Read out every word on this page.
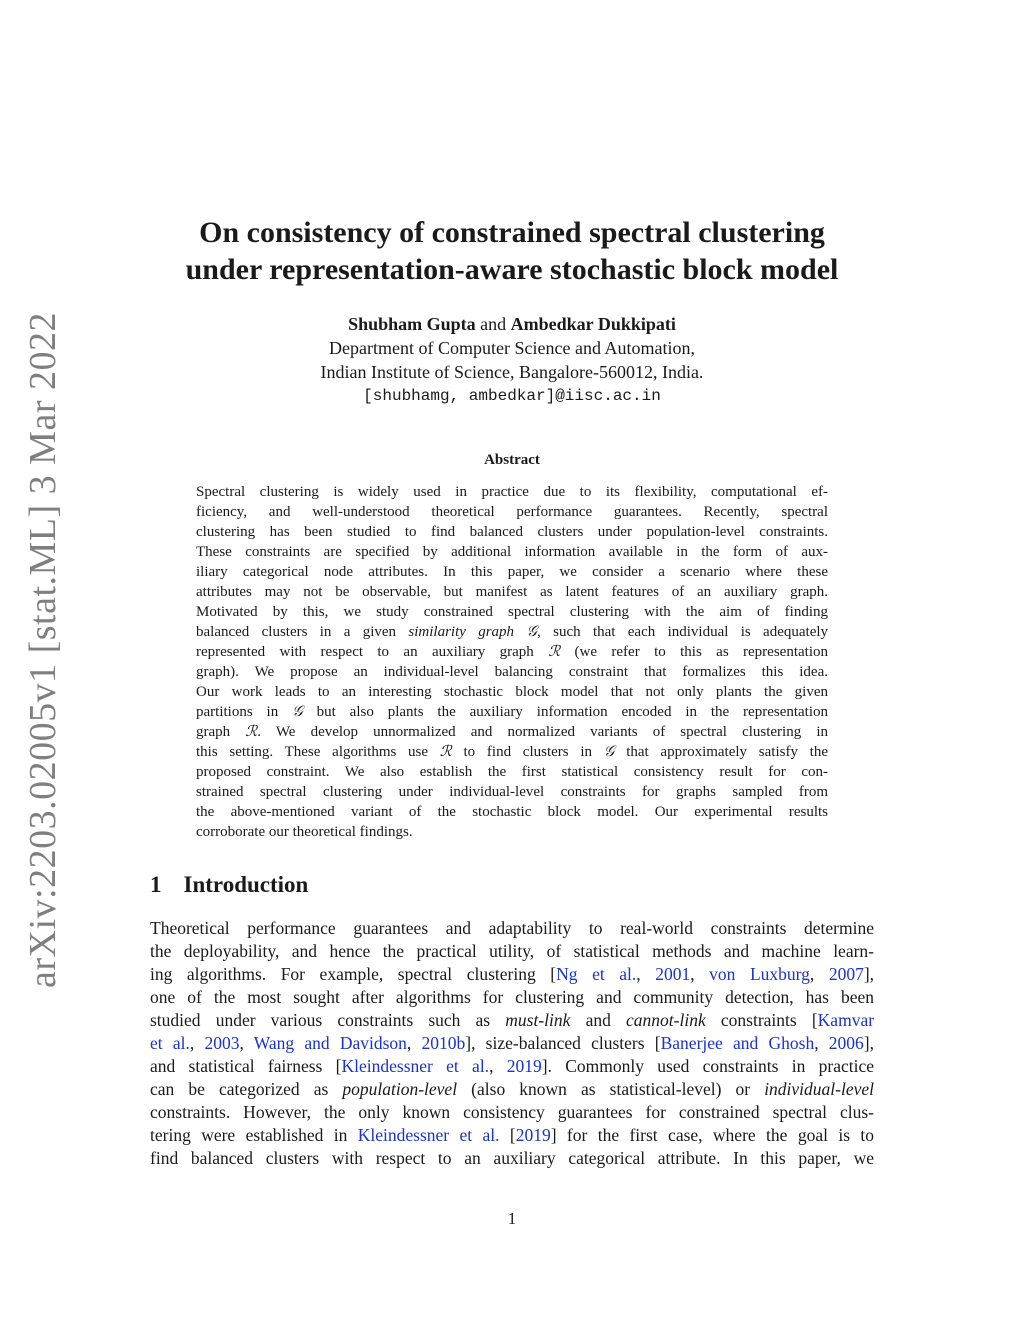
arXiv:2203.02005v1 [stat.ML] 3 Mar 2022
On consistency of constrained spectral clustering
under representation-aware stochastic block model
Shubham Gupta and Ambedkar Dukkipati
Department of Computer Science and Automation,
Indian Institute of Science, Bangalore-560012, India.
[shubhamg, ambedkar]@iisc.ac.in
Abstract
Spectral clustering is widely used in practice due to its flexibility, computational ef-
ficiency, and well-understood theoretical performance guarantees. Recently, spectral
clustering has been studied to find balanced clusters under population-level constraints.
These constraints are specified by additional information available in the form of aux-
iliary categorical node attributes. In this paper, we consider a scenario where these
attributes may not be observable, but manifest as latent features of an auxiliary graph.
Motivated by this, we study constrained spectral clustering with the aim of finding
balanced clusters in a given similarity graph 𝒢, such that each individual is adequately
represented with respect to an auxiliary graph ℛ (we refer to this as representation
graph). We propose an individual-level balancing constraint that formalizes this idea.
Our work leads to an interesting stochastic block model that not only plants the given
partitions in 𝒢 but also plants the auxiliary information encoded in the representation
graph ℛ. We develop unnormalized and normalized variants of spectral clustering in
this setting. These algorithms use ℛ to find clusters in 𝒢 that approximately satisfy the
proposed constraint. We also establish the first statistical consistency result for con-
strained spectral clustering under individual-level constraints for graphs sampled from
the above-mentioned variant of the stochastic block model. Our experimental results
corroborate our theoretical findings.
1 Introduction
Theoretical performance guarantees and adaptability to real-world constraints determine
the deployability, and hence the practical utility, of statistical methods and machine learn-
ing algorithms. For example, spectral clustering [Ng et al., 2001, von Luxburg, 2007],
one of the most sought after algorithms for clustering and community detection, has been
studied under various constraints such as must-link and cannot-link constraints [Kamvar
et al., 2003, Wang and Davidson, 2010b], size-balanced clusters [Banerjee and Ghosh, 2006],
and statistical fairness [Kleindessner et al., 2019]. Commonly used constraints in practice
can be categorized as population-level (also known as statistical-level) or individual-level
constraints. However, the only known consistency guarantees for constrained spectral clus-
tering were established in Kleindessner et al. [2019] for the first case, where the goal is to
find balanced clusters with respect to an auxiliary categorical attribute. In this paper, we
1
